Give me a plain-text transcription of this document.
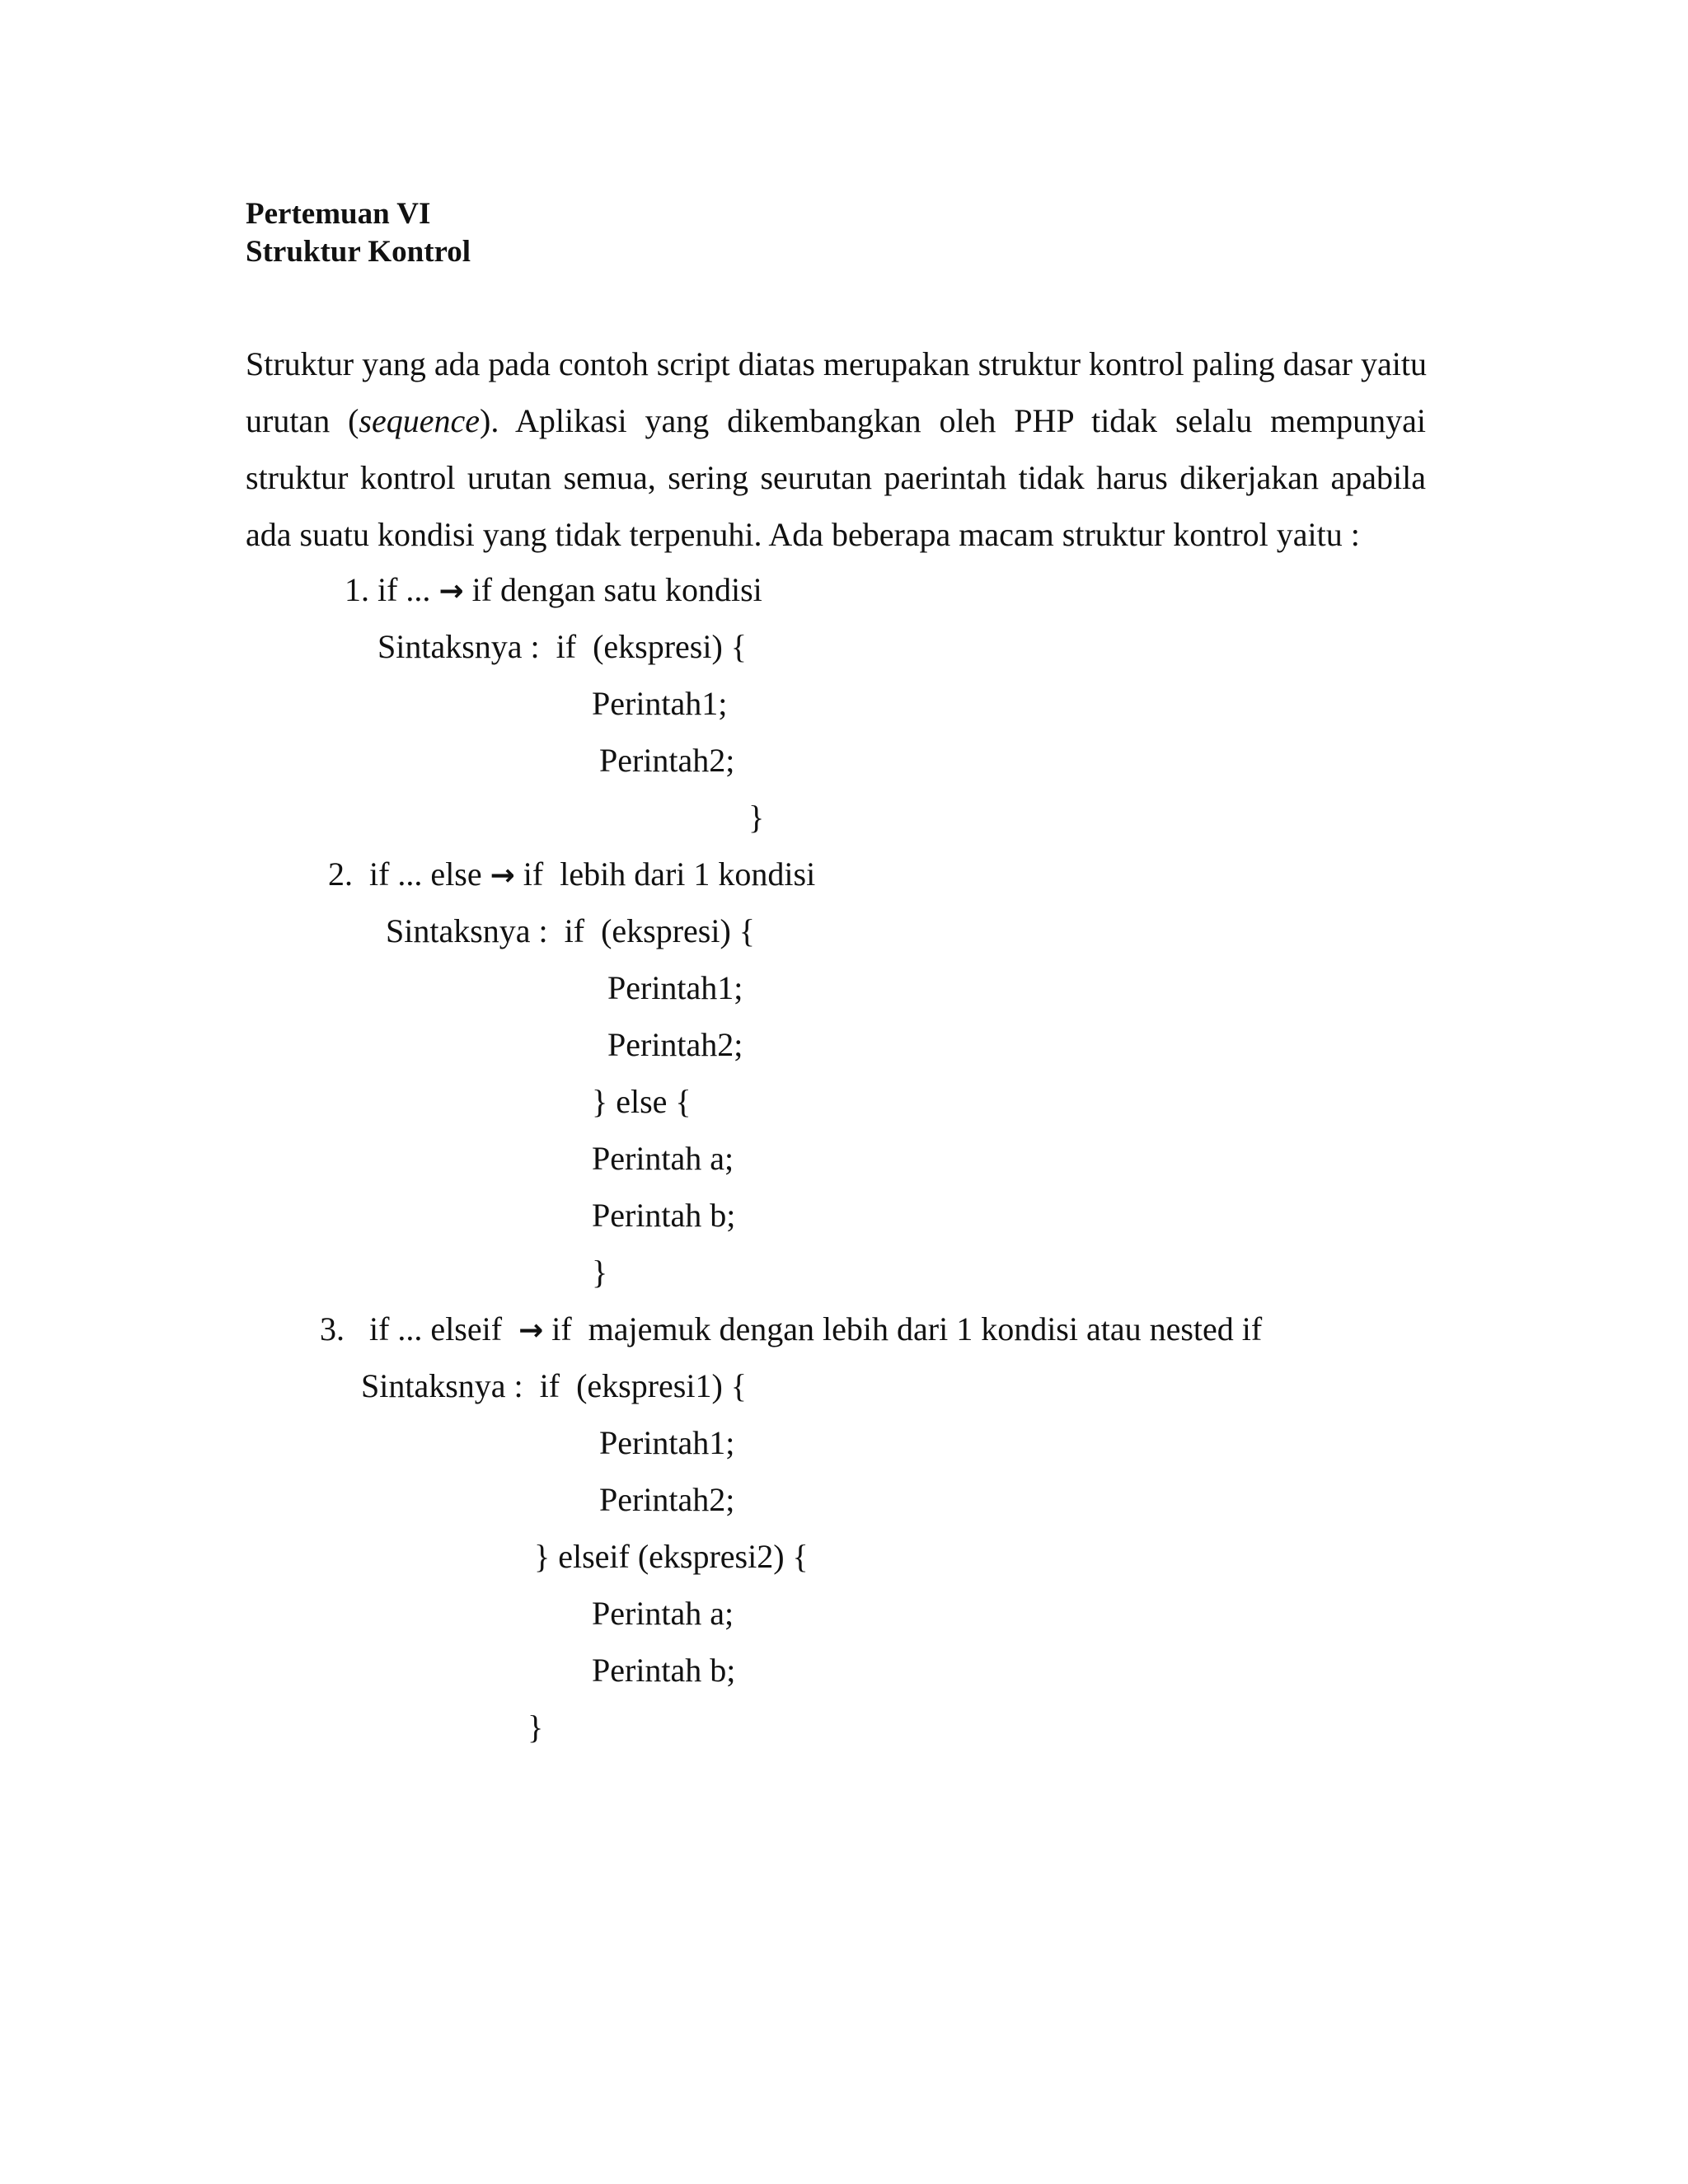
Pertemuan VI
Struktur Kontrol
Struktur yang ada pada contoh script diatas merupakan struktur kontrol paling dasar yaitu
urutan (sequence). Aplikasi yang dikembangkan oleh PHP tidak selalu mempunyai
struktur kontrol urutan semua, sering seurutan paerintah tidak harus dikerjakan apabila
ada suatu kondisi yang tidak terpenuhi. Ada beberapa macam struktur kontrol yaitu :
1. if ... → if dengan satu kondisi
Sintaksnya :  if  (ekspresi) {
Perintah1;
Perintah2;
}
2.  if ... else → if  lebih dari 1 kondisi
Sintaksnya :  if  (ekspresi) {
Perintah1;
Perintah2;
} else {
Perintah a;
Perintah b;
}
3.   if ... elseif → if  majemuk dengan lebih dari 1 kondisi atau nested if
Sintaksnya :  if  (ekspresi1) {
Perintah1;
Perintah2;
} elseif (ekspresi2) {
Perintah a;
Perintah b;
}
